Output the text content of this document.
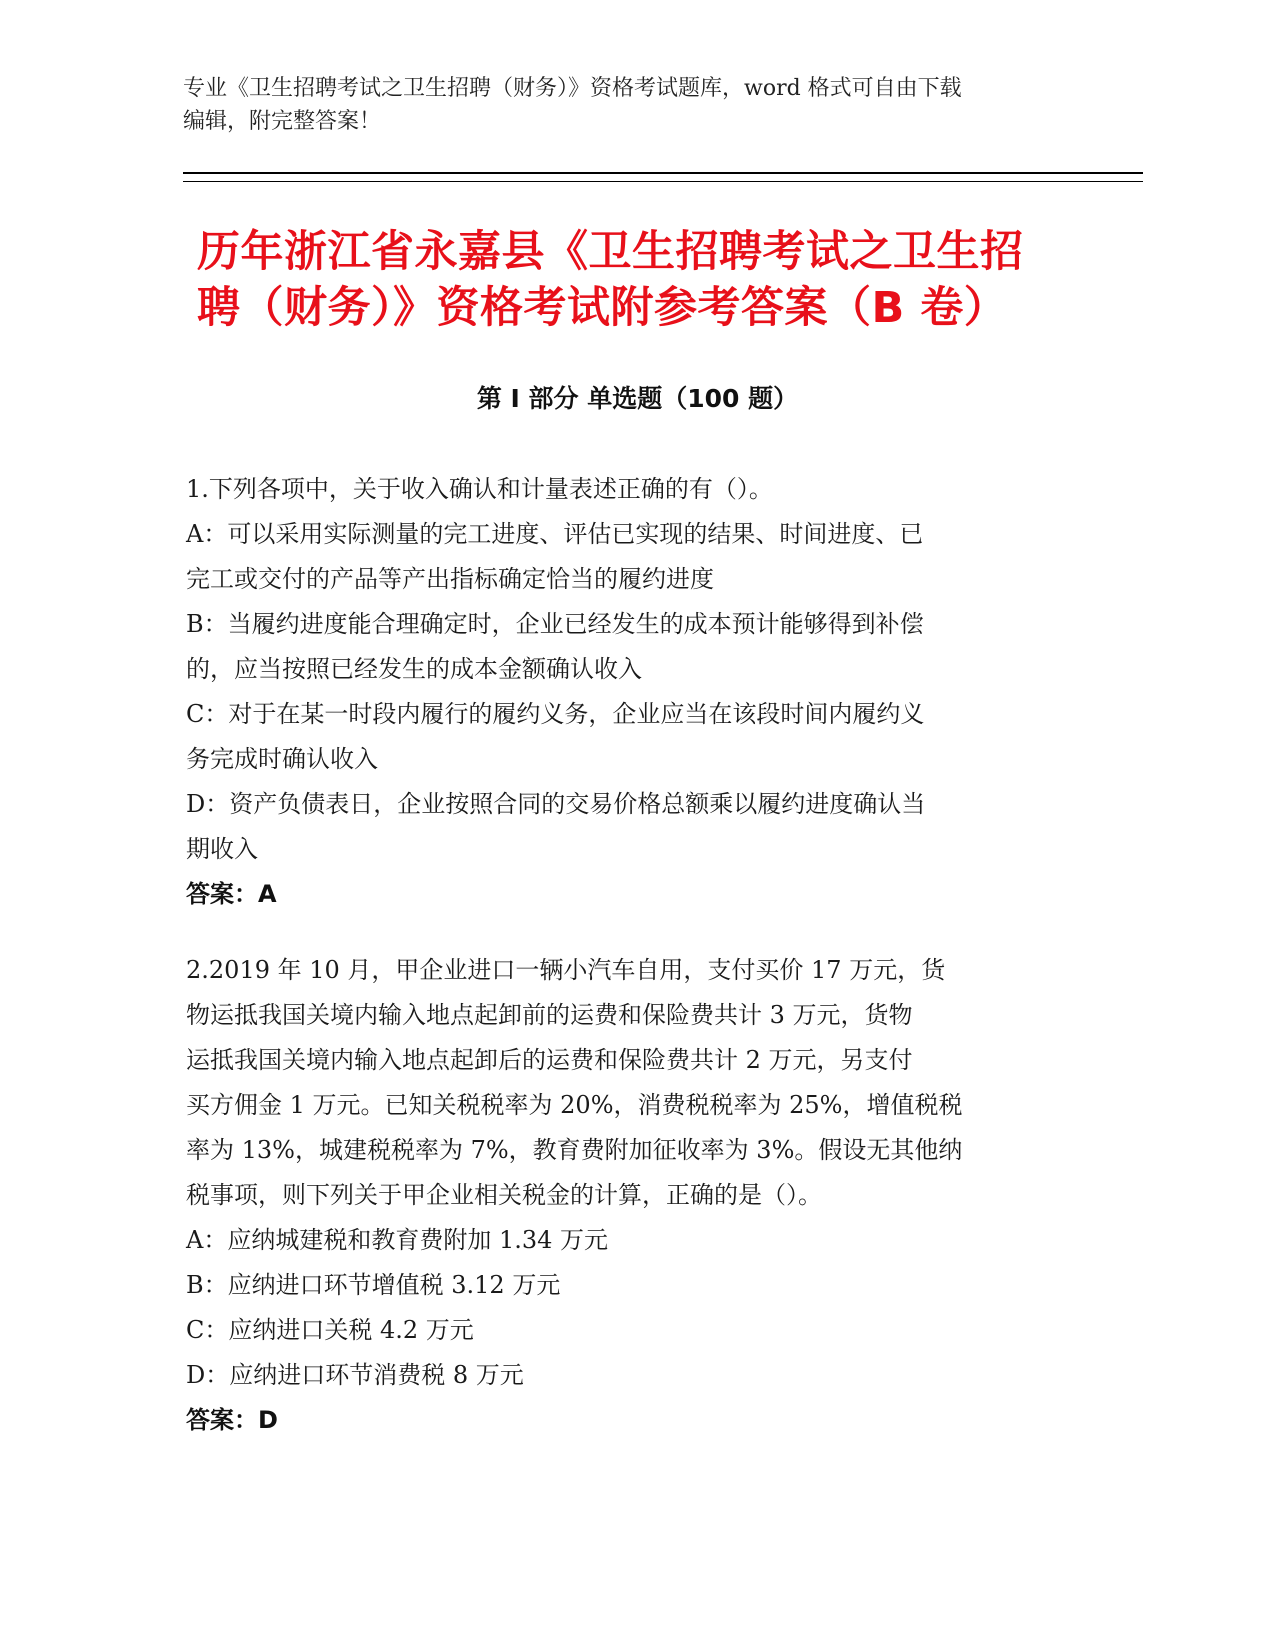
专业《卫生招聘考试之卫生招聘（财务）》资格考试题库，word 格式可自由下载
编辑，附完整答案！
历年浙江省永嘉县《卫生招聘考试之卫生招
聘（财务）》资格考试附参考答案（B 卷）
第 I 部分 单选题（100 题）
1.下列各项中，关于收入确认和计量表述正确的有（）。
A：可以采用实际测量的完工进度、评估已实现的结果、时间进度、已
完工或交付的产品等产出指标确定恰当的履约进度
B：当履约进度能合理确定时，企业已经发生的成本预计能够得到补偿
的，应当按照已经发生的成本金额确认收入
C：对于在某一时段内履行的履约义务，企业应当在该段时间内履约义
务完成时确认收入
D：资产负债表日，企业按照合同的交易价格总额乘以履约进度确认当
期收入
答案：A
2.2019 年 10 月，甲企业进口一辆小汽车自用，支付买价 17 万元，货
物运抵我国关境内输入地点起卸前的运费和保险费共计 3 万元，货物
运抵我国关境内输入地点起卸后的运费和保险费共计 2 万元，另支付
买方佣金 1 万元。已知关税税率为 20%，消费税税率为 25%，增值税税
率为 13%，城建税税率为 7%，教育费附加征收率为 3%。假设无其他纳
税事项，则下列关于甲企业相关税金的计算，正确的是（）。
A：应纳城建税和教育费附加 1.34 万元
B：应纳进口环节增值税 3.12 万元
C：应纳进口关税 4.2 万元
D：应纳进口环节消费税 8 万元
答案：D
